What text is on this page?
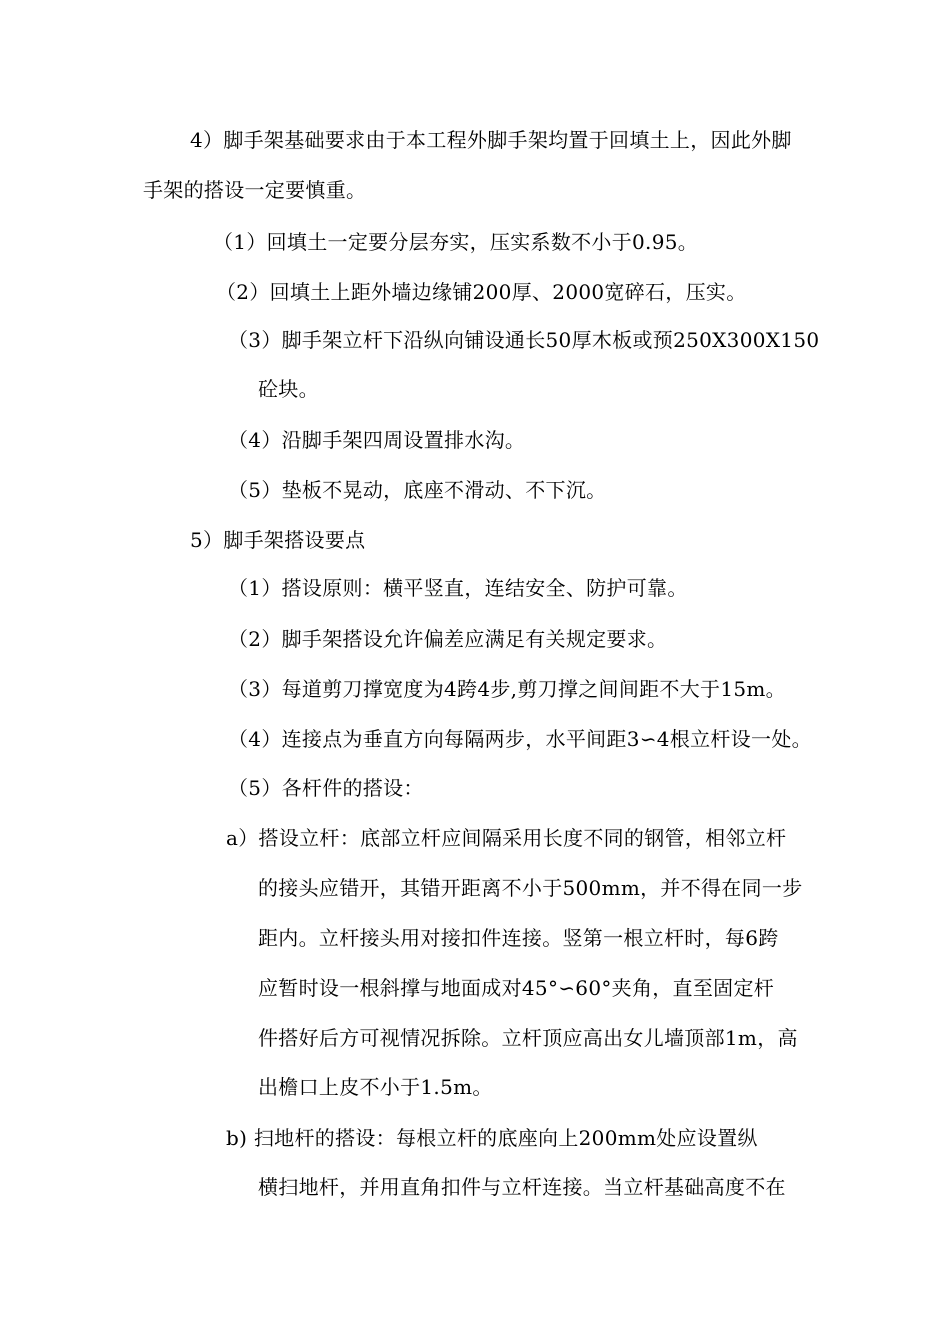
4）脚手架基础要求由于本工程外脚手架均置于回填土上，因此外脚
手架的搭设一定要慎重。
（1）回填土一定要分层夯实，压实系数不小于0.95。
（2）回填土上距外墙边缘铺200厚、2000宽碎石，压实。
（3）脚手架立杆下沿纵向铺设通长50厚木板或预250X300X150
砼块。
（4）沿脚手架四周设置排水沟。
（5）垫板不晃动，底座不滑动、不下沉。
5）脚手架搭设要点
（1）搭设原则：横平竖直，连结安全、防护可靠。
（2）脚手架搭设允许偏差应满足有关规定要求。
（3）每道剪刀撑宽度为4跨4步,剪刀撑之间间距不大于15m。
（4）连接点为垂直方向每隔两步，水平间距3∽4根立杆设一处。
（5）各杆件的搭设：
a）搭设立杆：底部立杆应间隔采用长度不同的钢管，相邻立杆
的接头应错开，其错开距离不小于500mm，并不得在同一步
距内。立杆接头用对接扣件连接。竖第一根立杆时，每6跨
应暂时设一根斜撑与地面成对45°∽60°夹角，直至固定杆
件搭好后方可视情况拆除。立杆顶应高出女儿墙顶部1m，高
出檐口上皮不小于1.5m。
b) 扫地杆的搭设：每根立杆的底座向上200mm处应设置纵
横扫地杆，并用直角扣件与立杆连接。当立杆基础高度不在
